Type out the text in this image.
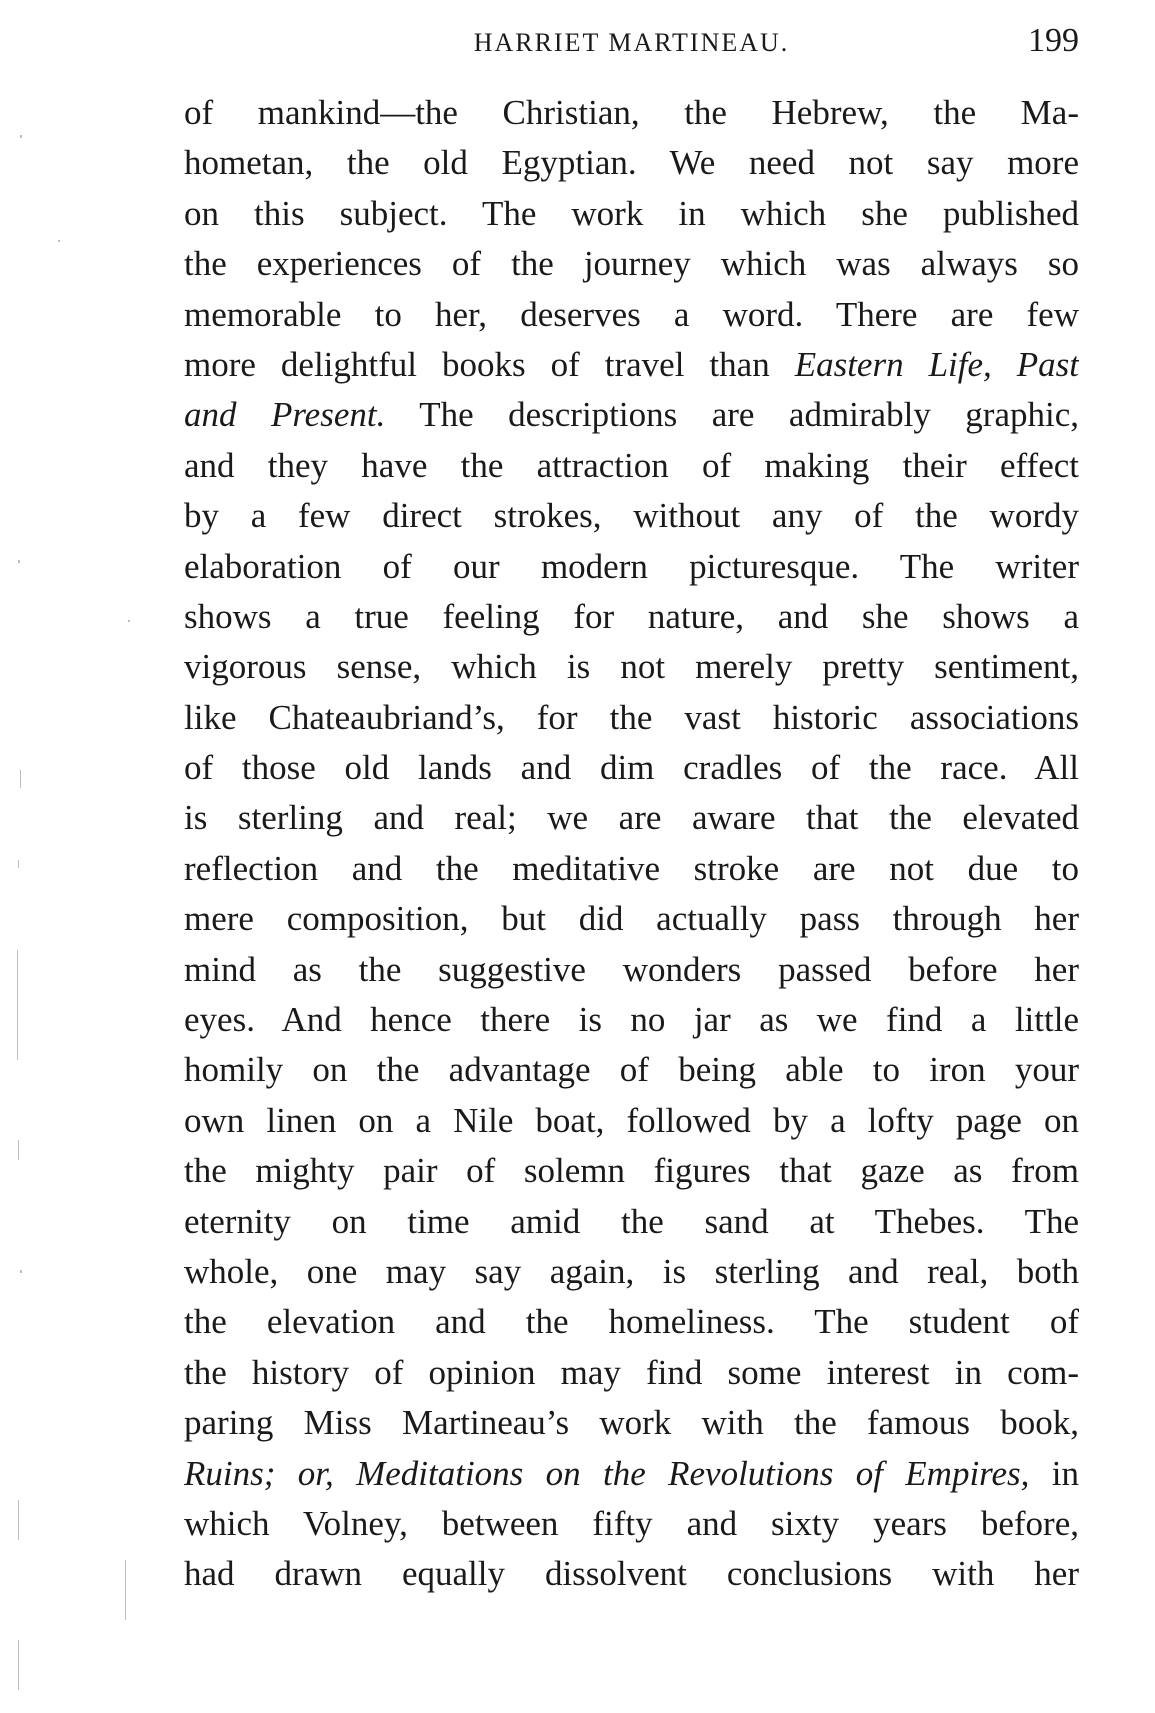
HARRIET MARTINEAU.	199
of mankind—the Christian, the Hebrew, the Ma-
hometan, the old Egyptian. We need not say more
on this subject. The work in which she published
the experiences of the journey which was always so
memorable to her, deserves a word. There are few
more delightful books of travel than Eastern Life, Past
and Present. The descriptions are admirably graphic,
and they have the attraction of making their effect
by a few direct strokes, without any of the wordy
elaboration of our modern picturesque. The writer
shows a true feeling for nature, and she shows a
vigorous sense, which is not merely pretty sentiment,
like Chateaubriand’s, for the vast historic associations
of those old lands and dim cradles of the race. All
is sterling and real; we are aware that the elevated
reflection and the meditative stroke are not due to
mere composition, but did actually pass through her
mind as the suggestive wonders passed before her
eyes. And hence there is no jar as we find a little
homily on the advantage of being able to iron your
own linen on a Nile boat, followed by a lofty page on
the mighty pair of solemn figures that gaze as from
eternity on time amid the sand at Thebes. The
whole, one may say again, is sterling and real, both
the elevation and the homeliness. The student of
the history of opinion may find some interest in com-
paring Miss Martineau’s work with the famous book,
Ruins; or, Meditations on the Revolutions of Empires, in
which Volney, between fifty and sixty years before,
had drawn equally dissolvent conclusions with her
